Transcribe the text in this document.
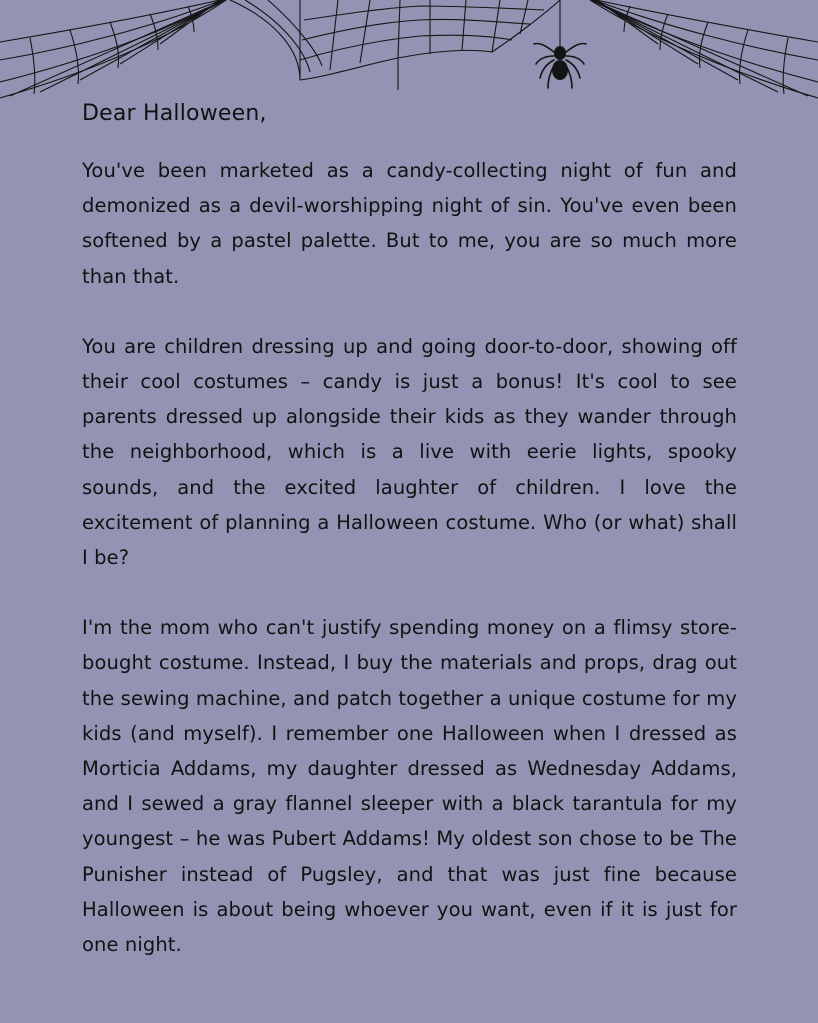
Dear Halloween,

You've been marketed as a candy-collecting night of fun and demonized as a devil-worshipping night of sin. You've even been softened by a pastel palette. But to me, you are so much more than that.

You are children dressing up and going door-to-door, showing off their cool costumes – candy is just a bonus! It's cool to see parents dressed up alongside their kids as they wander through the neighborhood, which is a live with eerie lights, spooky sounds, and the excited laughter of children. I love the excitement of planning a Halloween costume. Who (or what) shall I be?

I'm the mom who can't justify spending money on a flimsy store-bought costume. Instead, I buy the materials and props, drag out the sewing machine, and patch together a unique costume for my kids (and myself). I remember one Halloween when I dressed as Morticia Addams, my daughter dressed as Wednesday Addams, and I sewed a gray flannel sleeper with a black tarantula for my youngest – he was Pubert Addams! My oldest son chose to be The Punisher instead of Pugsley, and that was just fine because Halloween is about being whoever you want, even if it is just for one night.
